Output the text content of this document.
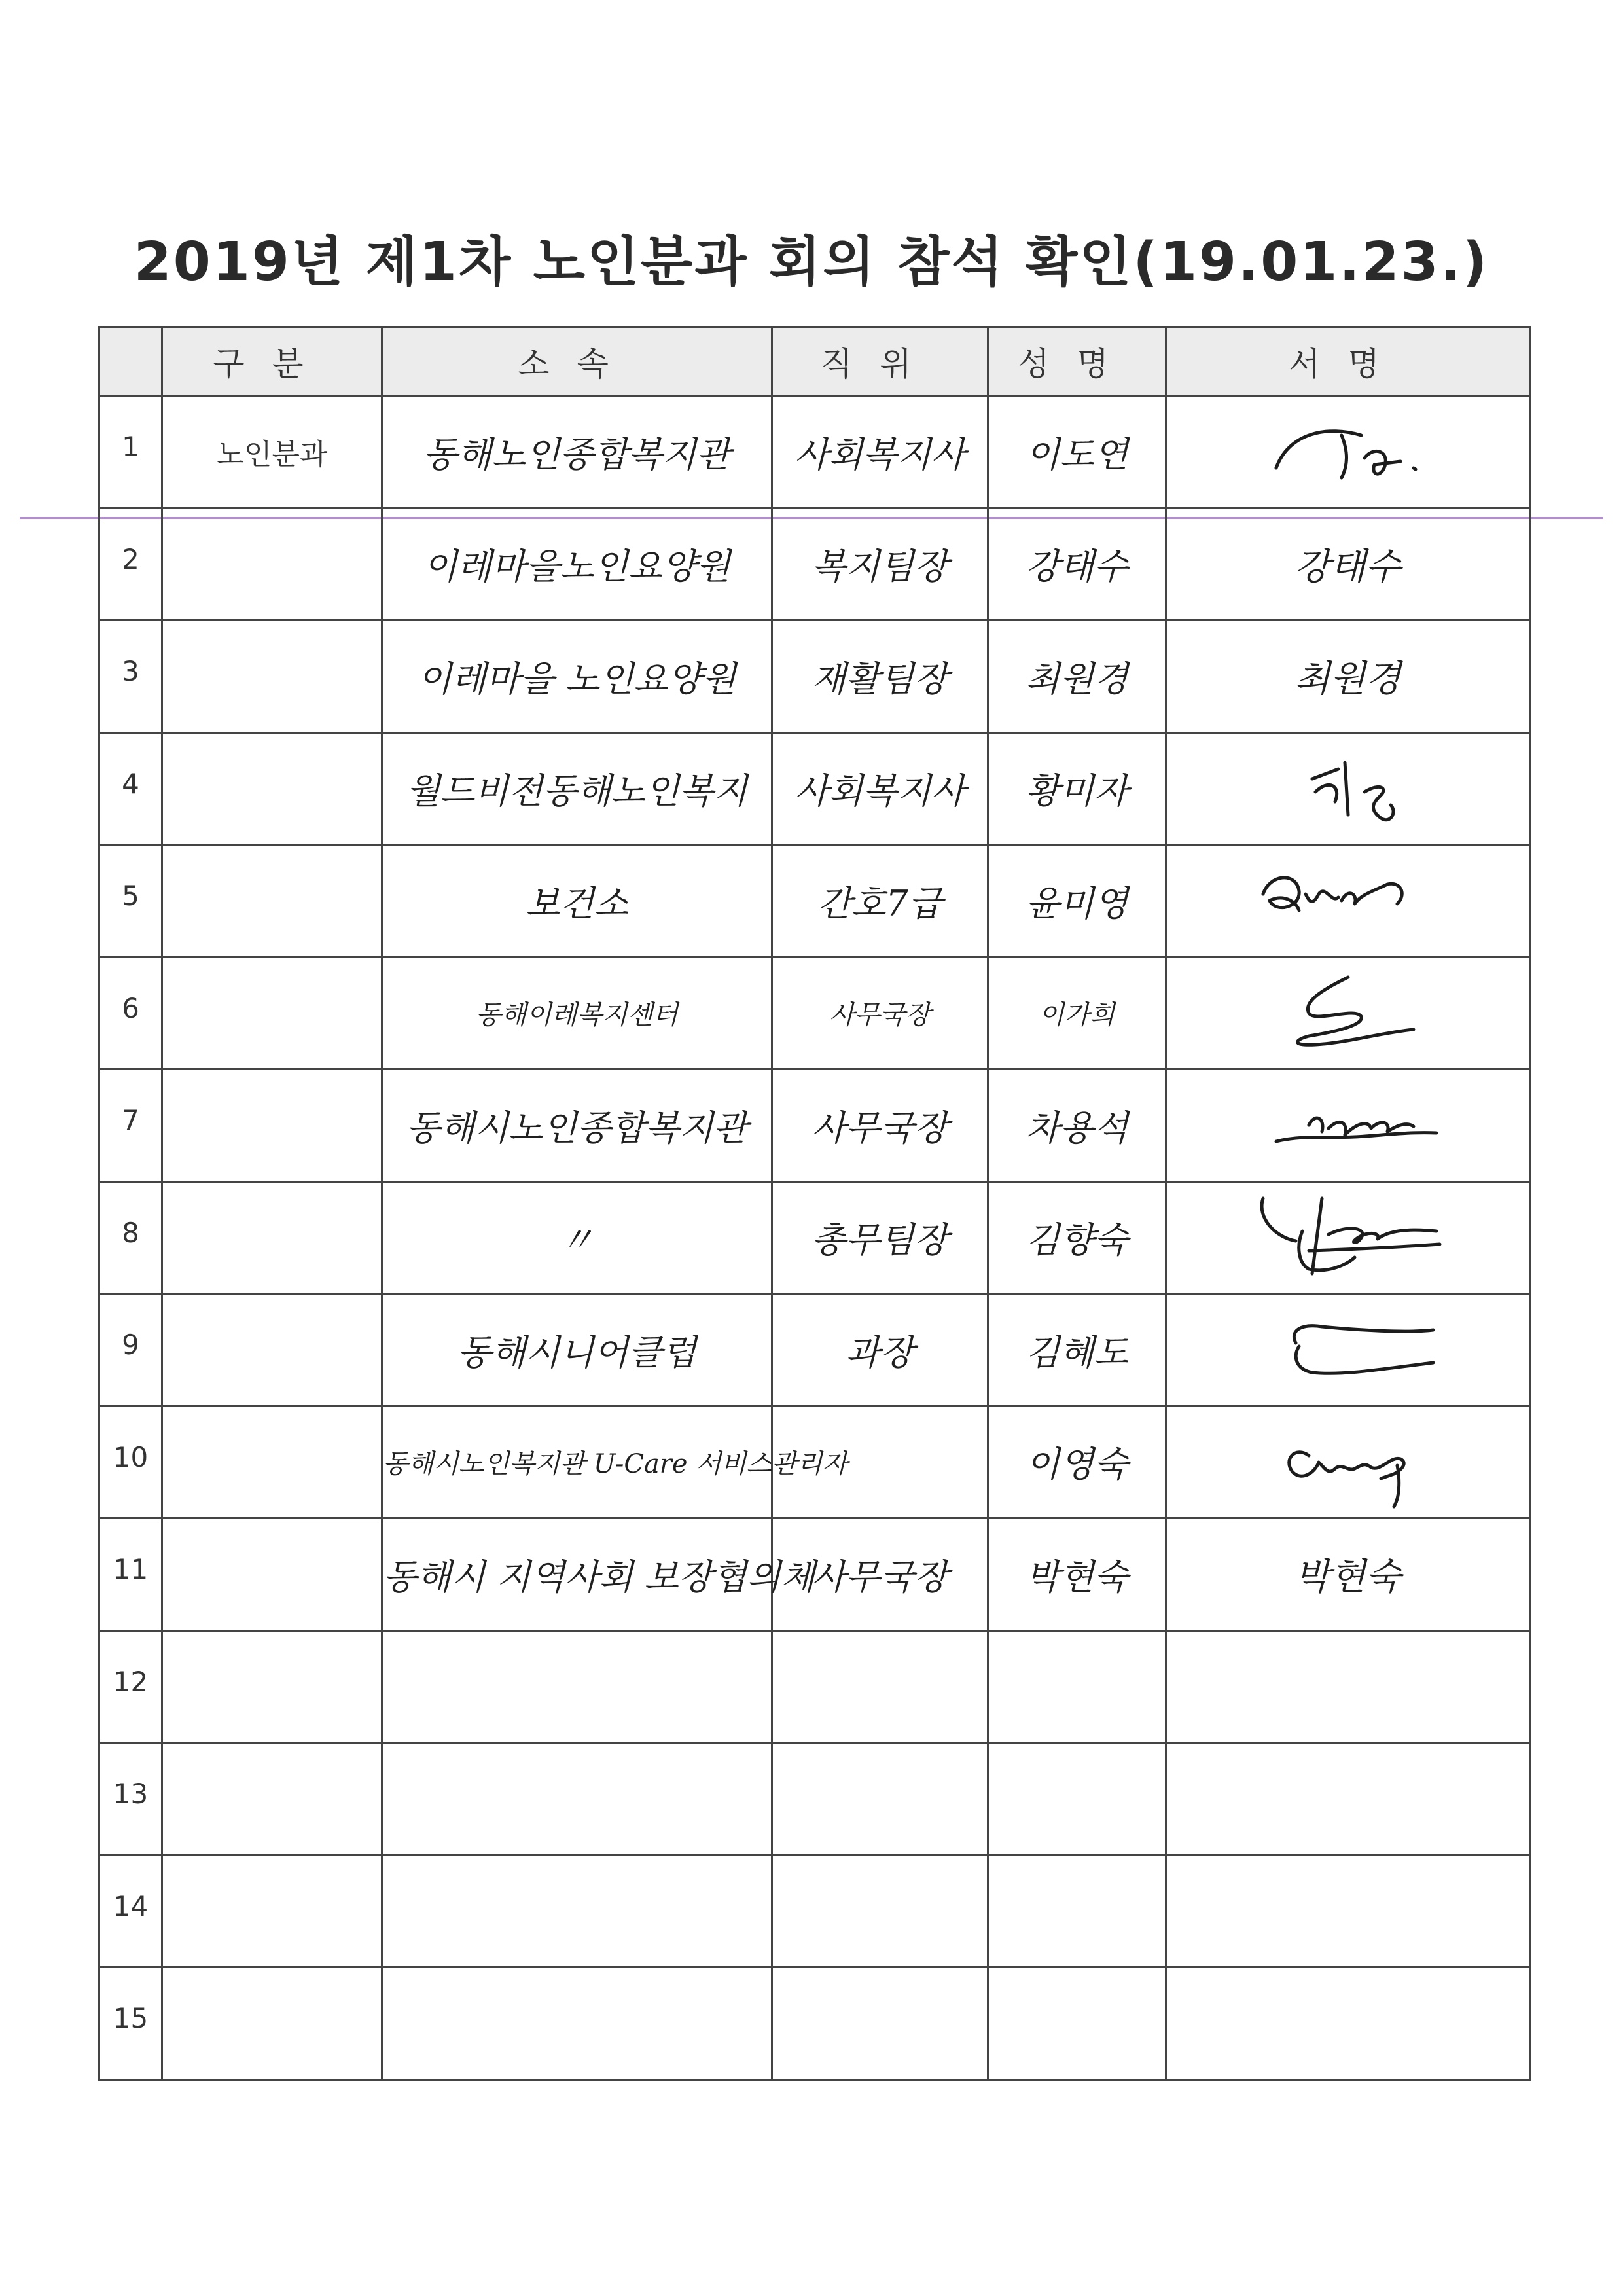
2019년 제1차 노인분과 회의 참석 확인(19.01.23.)
	구분	소속	직위	성명	서명
1	노인분과	동해노인종합복지관	사회복지사	이도연	

2		이레마을노인요양원	복지팀장	강태수	강태수
3		이레마을 노인요양원	재활팀장	최원경	최원경
4		월드비전동해노인복지	사회복지사	황미자	

5		보건소	간호7급	윤미영	

6		동해이레복지센터	사무국장	이가희	

7		동해시노인종합복지관	사무국장	차용석	

8		〃	총무팀장	김향숙	

9		동해시니어클럽	과장	김혜도	

10		동해시노인복지관 U-Care 서비스관리자		이영숙	

11		동해시 지역사회 보장협의체	사무국장	박현숙	박현숙
12					
13					
14					
15					
